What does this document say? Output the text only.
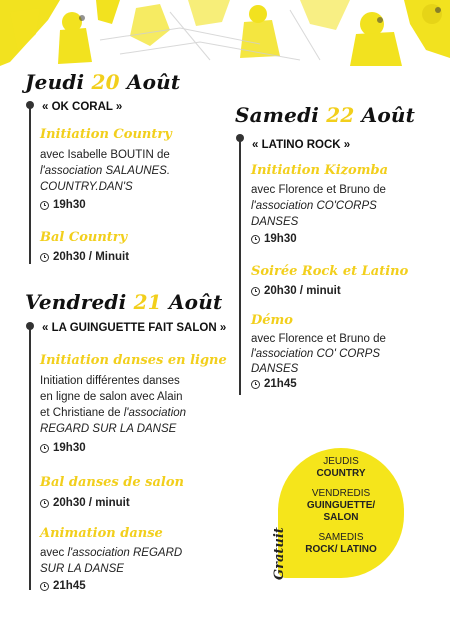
Jeudi 20 Août
« OK CORAL »
Initiation Country
avec Isabelle BOUTIN de
l'association SALAUNES.
COUNTRY.DAN'S
19h30
Bal Country
20h30 / Minuit
Vendredi 21 Août
« LA GUINGUETTE FAIT SALON »
Initiation danses en ligne
Initiation différentes danses
en ligne de salon avec Alain
et Christiane de l'association
REGARD SUR LA DANSE
19h30
Bal danses de salon
20h30 / minuit
Animation danse
avec l'association REGARD
SUR LA DANSE
21h45
Samedi 22 Août
« LATINO ROCK »
Initiation Kizomba
avec Florence et Bruno de
l'association CO'CORPS
DANSES
19h30
Soirée Rock et Latino
20h30 / minuit
Démo
avec Florence et Bruno de
l'association CO' CORPS
DANSES
21h45
JEUDIS
COUNTRY
VENDREDIS
GUINGUETTE/
SALON
SAMEDIS
ROCK/ LATINO
Gratuit
